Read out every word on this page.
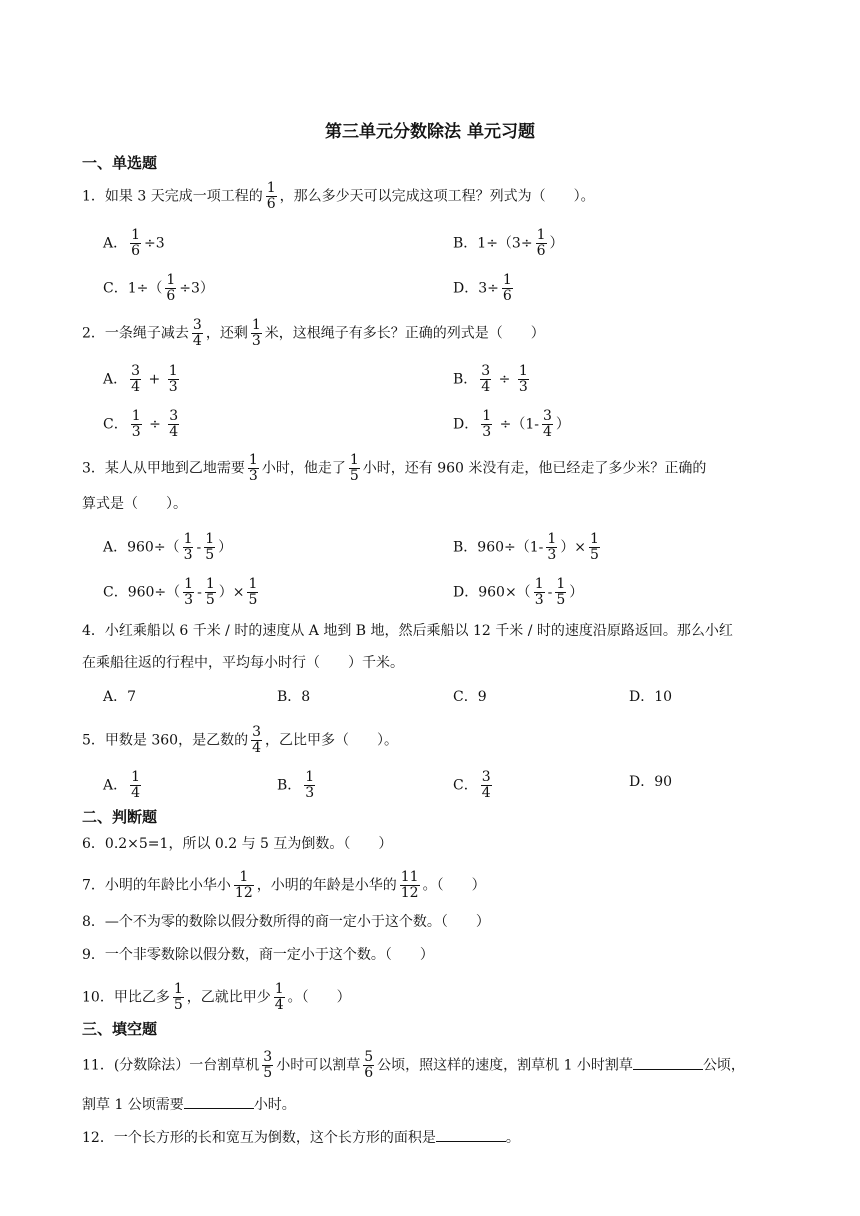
第三单元分数除法 单元习题
一、单选题
1．如果 3 天完成一项工程的 $\frac{1}{6}$ ，那么多少天可以完成这项工程？列式为（　　）。
A． $\frac{1}{6} \div 3$	B．$1\div(3\div \frac{1}{6}$ ）
C．$1\div( \frac{1}{6} \div 3)$	D．$3\div \frac{1}{6}$
2．一条绳子减去 $\frac{3}{4}$ ，还剩 $\frac{1}{3}$ 米，这根绳子有多长？正确的列式是（　　）
A． $\frac{3}{4} + \frac{1}{3}$	B． $\frac{3}{4} \div \frac{1}{3}$
C． $\frac{1}{3} \div \frac{3}{4}$	D． $\frac{1}{3} \div(1- \frac{3}{4}$ ）
3．某人从甲地到乙地需要 $\frac{1}{3}$ 小时，他走了 $\frac{1}{5}$ 小时，还有 960 米没有走，他已经走了多少米？正确的
算式是（　　）。
A．$960\div( \frac{1}{3} - \frac{1}{5}$ ）	B．$960\div(1- \frac{1}{3}$ ）× $\frac{1}{5}$
C．$960\div( \frac{1}{3} - \frac{1}{5}$ ）× $\frac{1}{5}$	D．$960\times( \frac{1}{3} - \frac{1}{5}$ ）
4．小红乘船以 6 千米 / 时的速度从 A 地到 B 地，然后乘船以 12 千米 / 时的速度沿原路返回。那么小红
在乘船往返的行程中，平均每小时行（　　）千米。
A．7	B．8	C．9	D．10
5．甲数是 360，是乙数的 $\frac{3}{4}$ ，乙比甲多（　　）。
A． $\frac{1}{4}$	B． $\frac{1}{3}$	C． $\frac{3}{4}$	D．90
二、判断题
6．0.2×5=1，所以 0.2 与 5 互为倒数。（　　）
7．小明的年龄比小华小 $\frac{1}{12}$ ，小明的年龄是小华的 $\frac{11}{12}$ 。（　　）
8．—个不为零的数除以假分数所得的商一定小于这个数。（　　）
9．一个非零数除以假分数，商一定小于这个数。（　　）
10．甲比乙多 $\frac{1}{5}$ ，乙就比甲少 $\frac{1}{4}$ 。（　　）
三、填空题
11．(分数除法）一台割草机 $\frac{3}{5}$ 小时可以割草 $\frac{5}{6}$ 公顷，照这样的速度，割草机 1 小时割草	公顷，
割草 1 公顷需要	小时。
12．一个长方形的长和宽互为倒数，这个长方形的面积是	。
